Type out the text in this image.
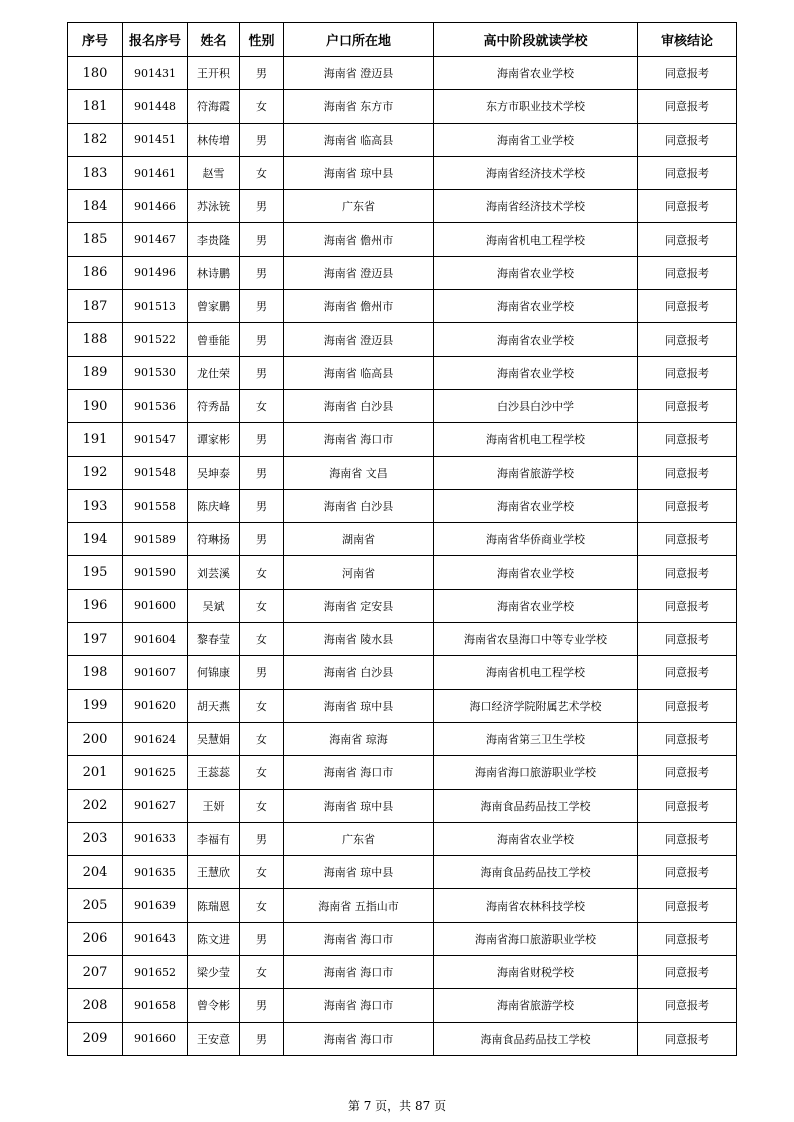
序号	报名序号	姓名	性别	户口所在地	高中阶段就读学校	审核结论
180	901431	王开积	男	海南省 澄迈县	海南省农业学校	同意报考
181	901448	符海霞	女	海南省 东方市	东方市职业技术学校	同意报考
182	901451	林传增	男	海南省 临高县	海南省工业学校	同意报考
183	901461	赵雪	女	海南省 琼中县	海南省经济技术学校	同意报考
184	901466	苏泳铳	男	广东省	海南省经济技术学校	同意报考
185	901467	李贵隆	男	海南省 儋州市	海南省机电工程学校	同意报考
186	901496	林诗鹏	男	海南省 澄迈县	海南省农业学校	同意报考
187	901513	曾家鹏	男	海南省 儋州市	海南省农业学校	同意报考
188	901522	曾垂能	男	海南省 澄迈县	海南省农业学校	同意报考
189	901530	龙仕荣	男	海南省 临高县	海南省农业学校	同意报考
190	901536	符秀晶	女	海南省 白沙县	白沙县白沙中学	同意报考
191	901547	谭家彬	男	海南省 海口市	海南省机电工程学校	同意报考
192	901548	吴坤泰	男	海南省 文昌	海南省旅游学校	同意报考
193	901558	陈庆峰	男	海南省 白沙县	海南省农业学校	同意报考
194	901589	符琳扬	男	湖南省	海南省华侨商业学校	同意报考
195	901590	刘芸溪	女	河南省	海南省农业学校	同意报考
196	901600	吴斌	女	海南省 定安县	海南省农业学校	同意报考
197	901604	黎春莹	女	海南省 陵水县	海南省农垦海口中等专业学校	同意报考
198	901607	何锦康	男	海南省 白沙县	海南省机电工程学校	同意报考
199	901620	胡天燕	女	海南省 琼中县	海口经济学院附属艺术学校	同意报考
200	901624	吴慧娟	女	海南省 琼海	海南省第三卫生学校	同意报考
201	901625	王蕊蕊	女	海南省 海口市	海南省海口旅游职业学校	同意报考
202	901627	王妍	女	海南省 琼中县	海南食品药品技工学校	同意报考
203	901633	李福有	男	广东省	海南省农业学校	同意报考
204	901635	王慧欣	女	海南省 琼中县	海南食品药品技工学校	同意报考
205	901639	陈瑞恩	女	海南省 五指山市	海南省农林科技学校	同意报考
206	901643	陈文进	男	海南省 海口市	海南省海口旅游职业学校	同意报考
207	901652	梁少莹	女	海南省 海口市	海南省财税学校	同意报考
208	901658	曾令彬	男	海南省 海口市	海南省旅游学校	同意报考
209	901660	王安意	男	海南省 海口市	海南食品药品技工学校	同意报考
第 7 页，共 87 页
